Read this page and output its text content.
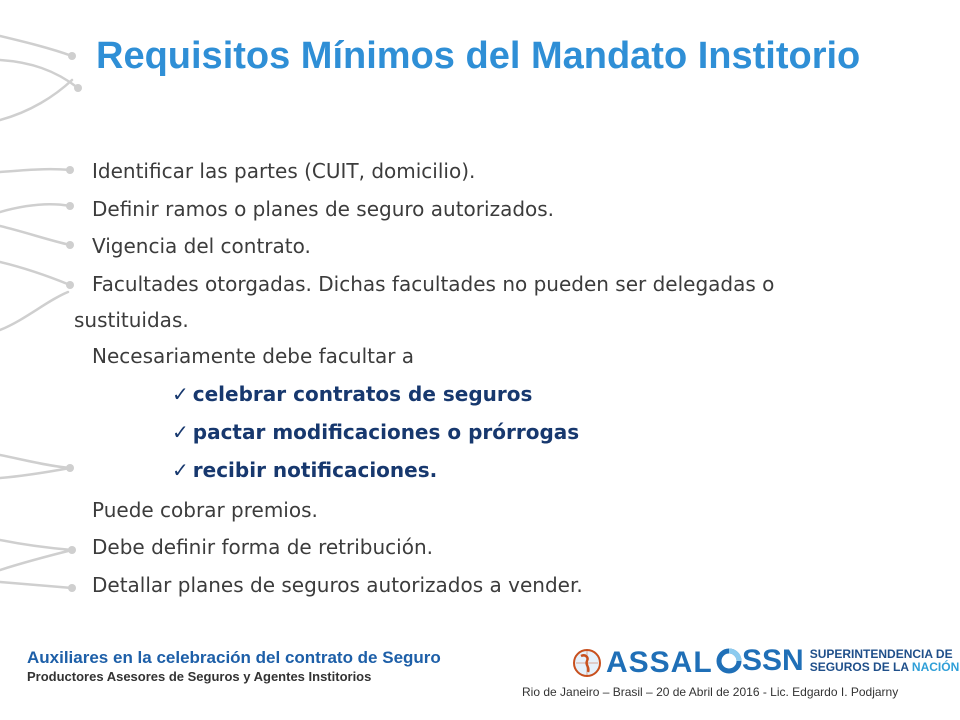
Requisitos Mínimos del Mandato Institorio
Identificar las partes (CUIT, domicilio).
Definir ramos o planes de seguro autorizados.
Vigencia del contrato.
Facultades otorgadas. Dichas facultades no pueden ser delegadas o
sustituidas.
Necesariamente debe facultar a
✓ celebrar contratos de seguros
✓ pactar modificaciones o prórrogas
✓ recibir notificaciones.
Puede cobrar premios.
Debe definir forma de retribución.
Detallar planes de seguros autorizados a vender.
Auxiliares en la celebración del contrato de Seguro
Productores Asesores de Seguros y Agentes Institorios	ASSAL SSN SUPERINTENDENCIA DE
SEGUROS DE LA NACIÓN
Rio de Janeiro – Brasil – 20 de Abril de 2016 - Lic. Edgardo I. Podjarny
